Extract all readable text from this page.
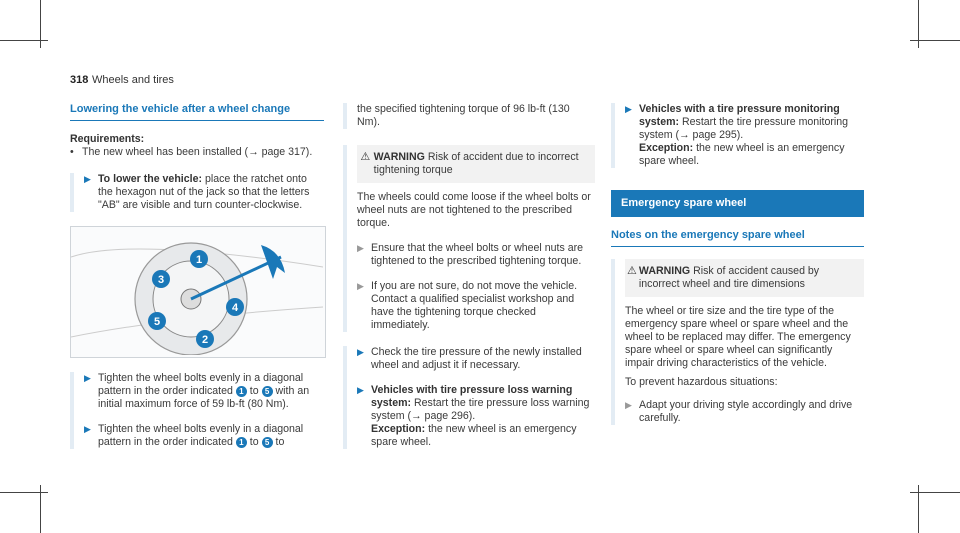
318 Wheels and tires
Lowering the vehicle after a wheel change

Requirements:

• The new wheel has been installed (→ page 317).
▶ To lower the vehicle: place the ratchet onto the hexagon nut of the jack so that the letters "AB" are visible and turn counter-clockwise.
1
2
3
4
5
▶ Tighten the wheel bolts evenly in a diagonal pattern in the order indicated 1 to 5 with an initial maximum force of 59 lb-ft (80 Nm).
▶ Tighten the wheel bolts evenly in a diagonal pattern in the order indicated 1 to 5 to

the specified tightening torque of 96 lb-ft (130 Nm).

⚠ WARNING Risk of accident due to incorrect tightening torque

The wheels could come loose if the wheel bolts or wheel nuts are not tightened to the prescribed torque.

▶ Ensure that the wheel bolts or wheel nuts are tightened to the prescribed tightening torque.
▶ If you are not sure, do not move the vehicle. Contact a qualified specialist workshop and have the tightening torque checked immediately.
▶ Check the tire pressure of the newly installed wheel and adjust it if necessary.
▶ Vehicles with tire pressure loss warning system: Restart the tire pressure loss warning system (→ page 296).
Exception: the new wheel is an emergency spare wheel.
▶ Vehicles with a tire pressure monitoring system: Restart the tire pressure monitoring system (→ page 295).
Exception: the new wheel is an emergency spare wheel.
Emergency spare wheel
Notes on the emergency spare wheel
⚠ WARNING Risk of accident caused by incorrect wheel and tire dimensions

The wheel or tire size and the tire type of the emergency spare wheel or spare wheel and the wheel to be replaced may differ. The emergency spare wheel or spare wheel can significantly impair driving characteristics of the vehicle.

To prevent hazardous situations:

▶ Adapt your driving style accordingly and drive carefully.
